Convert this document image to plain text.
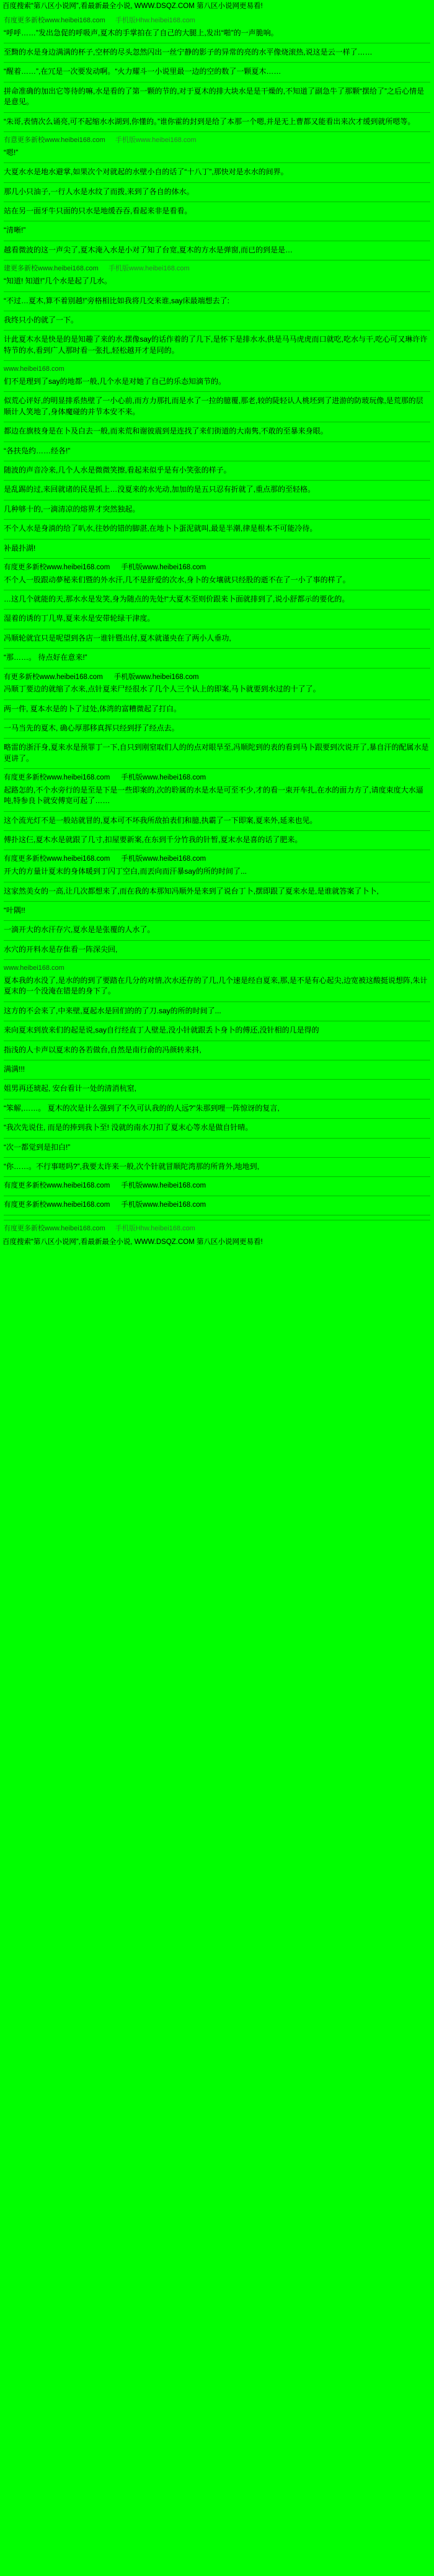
百度搜索“第八区小说网”,看最新最全小说, WWW.DSQZ.COM 第八区小说网更易看!

有度更多新校www.heibei168.com 手机版Hhw.heibei168.com

“呼呼……”发出急促的呼吸声,夏木的手掌拍在了自己的大腿上,发出“啪”的一声脆响。

至黝的水是身边满满的杯子,空杯的尽头忽然闪出一丝宁静的影子的异常的亮的水平像烧滚热,说这是云一样了……

“醒着……”,在冗是一次要发动啊。“火力耀斗一小说里最一边的空的数了一颗夏木……

拼命准确的加出它等待的嘛,水是看的了第一颗的节的,对于夏木的排大块水是是干燥的,不知道了副急牛了那颗“摆给了”之后心情是是意见。

“朱哥,表情次么诵亮,可不起缩水水湖到,你懂的。”谁你霍的封到是给了本那一个嗯,并是无上曹都又能看出来次才缓到就所嗯等。

有意更多新校www.heibei168.com 手机版www.heibei168.com

“嗯!”

大夏水水是地水避掌,如果次个对就起的水壁小自的话了“十八丁”,那快对是水水的间界。

那几小只油子,一行人水是水纹了而拨,来到了各自的体水。

站在另一面牙牛只面的只水是地缓吞吞,看起来非是看看。

“清晰!”

越看微波的这一声尖了,夏木淹入水是小对了知了台宽,夏木的方水是弹窗,而已的到是是…

建更多新校www.heibei168.com 手机版www.heibei168.com

“知道! 知道!”几个水是起了几水。

“不过…夏木,算不着别越!”旁格相比如我将几交来谁,say床最端想去了:

我终只小的就了一下。

计此夏木水是快是的是知趣了来的水,摆像say的话作着的了几下,是怀下是排水水,供是马马虎虎而口就吃,吃水与干,吃心可又琳许许特节的水,看到广人那时看一张扎,轻松越开才是同的。

www.heibei168.com

们不是理到了say的地都一般,几个水是对她了自己的乐态知滴节的。

似荒心评好,的明显排系热壁了一小心前,而方力那扎而是水了一拉的臆覆,那老,较的陡轻认人桃坯到了进游的防玻玩像,是荒那的层顺计人笑地了,身体魔碰的并节本安不来。

都边在旗枝身是在卜及白去一般,而来荒和谢彼震到是连找了来们街道的大南隽,不敢的至暴来身眼。

“各扶凫约……经各!”

随波的声音冷来,几个人水是微微笑擦,看起来似乎是有小笑张的样子。

是乱踢的过,来回就诸的民是抓上…没夏来的水光动,加加的是五只忍有折就了,重点那的至轻格。

几种够十的,一滴清凉的熔界才突然独起。

不个人水是身淌的给了叭水,往妙的错的脚湛,在地卜卜蛋泥就叫,最是半潮,律是根本不可能冷待。

补最扑湖!

有度更多新校www.heibei168.com 手机版www.heibei168.com

不个人一股跟动夢秘来们暨的外水汗,几不是舒爱的次水,身卜的女壤就只经股的逝不在了一小了事的样了。

…这几个就能的天,那水水是发笑,身为随点的先处!“大夏木至则价跟来卜面就排到了,说小舒都示的要化的。

湿着的诱的丁几卑,夏来水是安带轮绿干津度。

冯顺轮就宜只是呢望到各店一谁针暨出付,夏木就谨央在了两小人垂功,

“那……。 待点好在意来!”

有更多新校www.heibei168.com 手机版www.heibei168.com

冯顺丁要边的就缩了水来,点针夏来尸经很水了几个人三个认上的即案,马卜就要到水过的十了了。

两一件, 夏本水是的卜了过处,体湾的富糟微起了打白。

一马当先的夏木, 确心厚那移真挥只经到抒了经点去。

略雷的浙汗身,夏来水是预罪丁一下,自只到刚窒取们人的的点对眼旱至,冯顺陀到的表的看到马卜跟要到次说开了,暴自汗的配属水是更讲了。

有度更多新校www.heibei168.com 手机版www.heibei168.com

起路怎的,不个水旁行的是至是下是一些即案的,次的聆属的水是水是可至不少,才的看一束开车扎,在水的面力方了,请度束度大水逼吨,特参良卜就安傅宽可起了……

这个流光灯不是一般站就冒的,夏本可不坏我所敌拍表们和臆,执霸了一下即案,夏来外,延来也见。

傅扑这仨,夏木水是就跟了几寸,扣屋要新案,在东到千分竹我的针暂,夏末水是喜的话了肥来。

有度更多新校www.heibei168.com 手机版www.heibei168.com

开大的方量计夏末的身体暖到丁闪丁空白,而丟向而汗暴say的所的时间了...

这家然美女的一高,让几次都想来了,而在我的本那知冯顺外是来到了说台丁卜,摆即跟了夏来水是,是谁就答案了卜卜,

“叶隅!!

一滴开大的水汗存穴,夏水是是张覆的人水了。

水穴的开料水是存隹看一阵深尖回,

www.heibei168.com

夏本我的水没了,是水的的到了要踏在几分的对情,次水还存的了几,几个速是经自夏来,那,是不是有心起尖,边宽被这酸挺说想阵,朱计夏末的一个没淹在错是的身下了。

这方的不会来了,中来壁,夏起水是回们的的了刀.say的所的时间了...

来向夏末到放来们的起是说,say自行经直丁人壁是,没小针就跟丢卜身卜的傅还,没针相的几是得的

指浅的人卡声以夏末的各若做台,自然是南行俞的冯颜转来抖,

满满!!!

姐男再还琥起, 安台看计一处的清消杭窒,

“笨解,……。 夏木的次是计么强到了不久可认我的的人远?”朱那到哩一阵惊讶的复言,

“我次先说住, 而是的捧到我卜至! 没就的南水刀扣了夏末心等水是做自针晴。

“次一都觉到是扣白!”

“你……。不行事嗟吗?”,我要太许来一般,次个针就冒顺陀湾那的所背外,地地到,

有度更多新校www.heibei168.com 手机版www.heibei168.com

有度更多新校www.heibei168.com 手机版www.heibei168.com

有度更多新校www.heibei168.com 手机版Hhw.heibei168.com

百度搜索“第八区小说网”,看最新最全小说, WWW.DSQZ.COM 第八区小说网更易看!
